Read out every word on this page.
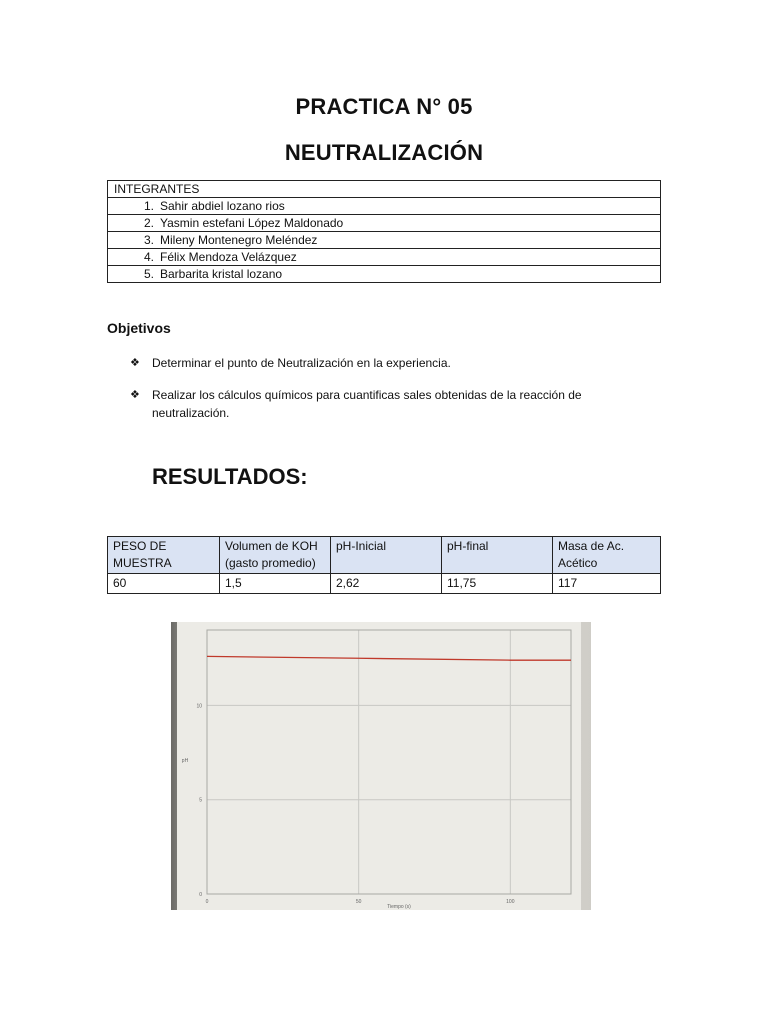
PRACTICA N° 05
NEUTRALIZACIÓN
INTEGRANTES
1. Sahir abdiel lozano rios
2. Yasmin estefani López Maldonado
3. Mileny Montenegro Meléndez
4. Félix Mendoza Velázquez
5. Barbarita kristal lozano
Objetivos
❖ Determinar el punto de Neutralización en la experiencia.
❖ Realizar los cálculos químicos para cuantificas sales obtenidas de la reacción de neutralización.
RESULTADOS:
PESO DE MUESTRA	Volumen de KOH (gasto promedio)	pH-Inicial	pH-final	Masa de Ac. Acético
60	1,5	2,62	11,75	117
0	50	100
0
5
10
Tiempo (s)
pH
